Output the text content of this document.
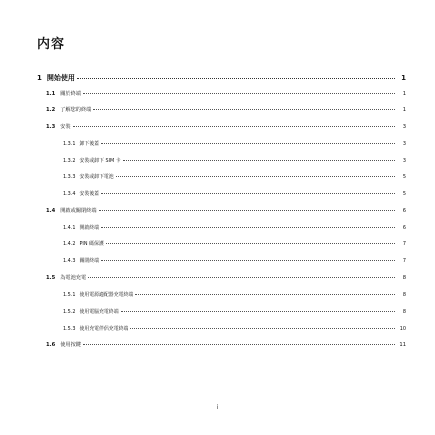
内容
1 開始使用	1
1.1 關於終端	1
1.2 了解您的終端	1
1.3 安裝	3
1.3.1 卸下後蓋	3
1.3.2 安裝或卸下 SIM 卡	3
1.3.3 安裝或卸下電池	5
1.3.4 安裝後蓋	5
1.4 開啟或關閉終端	6
1.4.1 開啟終端	6
1.4.2 PIN 碼保護	7
1.4.3 關閉終端	7
1.5 為電池充電	8
1.5.1 使用電源適配器充電終端	8
1.5.2 使用電腦充電終端	8
1.5.3 使用充電伴侶充電終端	10
1.6 使用按鍵	11
i
